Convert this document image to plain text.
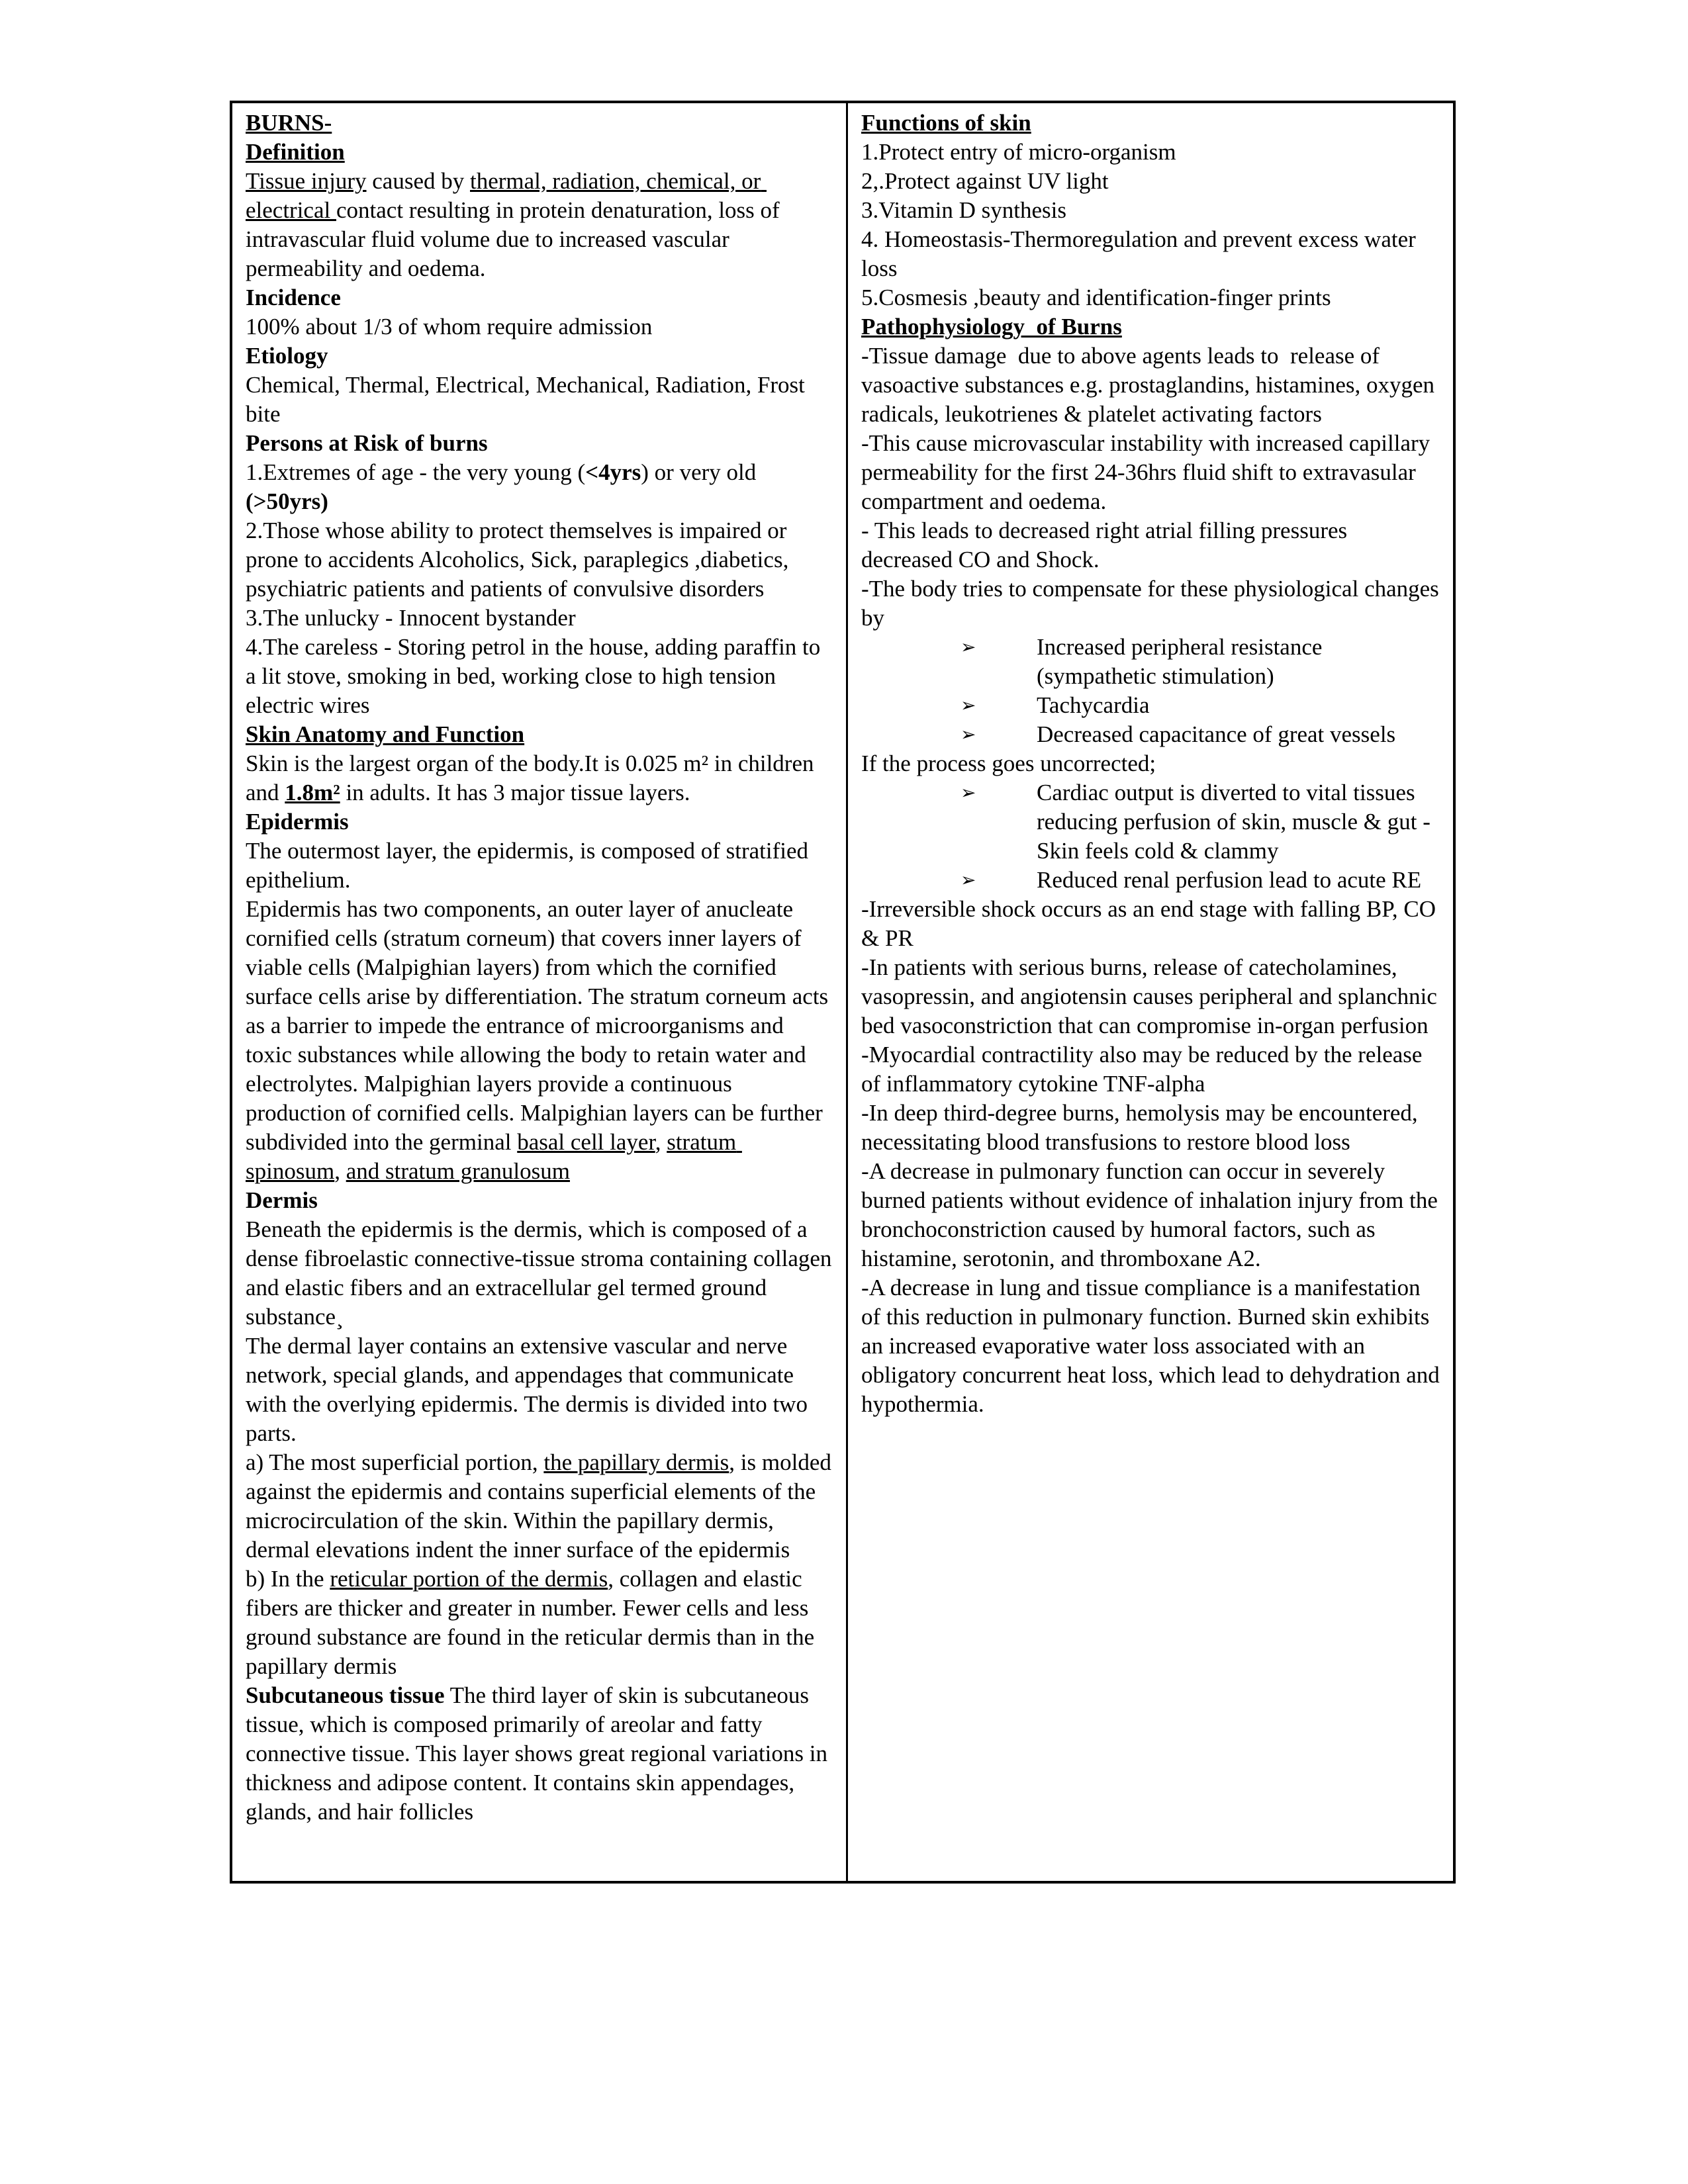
BURNS-
Definition
Tissue injury caused by thermal, radiation, chemical, or electrical contact resulting in protein denaturation, loss of intravascular fluid volume due to increased vascular permeability and oedema.
Incidence
100% about 1/3 of whom require admission
Etiology
Chemical, Thermal, Electrical, Mechanical, Radiation, Frost bite
Persons at Risk of burns
1.Extremes of age - the very young (<4yrs) or very old (>50yrs)
2.Those whose ability to protect themselves is impaired or prone to accidents Alcoholics, Sick, paraplegics ,diabetics, psychiatric patients and patients of convulsive disorders
3.The unlucky - Innocent bystander
4.The careless - Storing petrol in the house, adding paraffin to a lit stove, smoking in bed, working close to high tension electric wires
Skin Anatomy and Function
Skin is the largest organ of the body.It is 0.025 m² in children and 1.8m² in adults. It has 3 major tissue layers.
Epidermis
The outermost layer, the epidermis, is composed of stratified epithelium.
Epidermis has two components, an outer layer of anucleate cornified cells (stratum corneum) that covers inner layers of viable cells (Malpighian layers) from which the cornified surface cells arise by differentiation. The stratum corneum acts as a barrier to impede the entrance of microorganisms and toxic substances while allowing the body to retain water and electrolytes. Malpighian layers provide a continuous production of cornified cells. Malpighian layers can be further subdivided into the germinal basal cell layer, stratum spinosum, and stratum granulosum
Dermis
Beneath the epidermis is the dermis, which is composed of a dense fibroelastic connective-tissue stroma containing collagen and elastic fibers and an extracellular gel termed ground substance¸
The dermal layer contains an extensive vascular and nerve network, special glands, and appendages that communicate with the overlying epidermis. The dermis is divided into two parts.
a) The most superficial portion, the papillary dermis, is molded against the epidermis and contains superficial elements of the microcirculation of the skin. Within the papillary dermis, dermal elevations indent the inner surface of the epidermis
b) In the reticular portion of the dermis, collagen and elastic fibers are thicker and greater in number. Fewer cells and less ground substance are found in the reticular dermis than in the papillary dermis
Subcutaneous tissue The third layer of skin is subcutaneous tissue, which is composed primarily of areolar and fatty connective tissue. This layer shows great regional variations in thickness and adipose content. It contains skin appendages, glands, and hair follicles
Functions of skin
1.Protect entry of micro-organism
2,.Protect against UV light
3.Vitamin D synthesis
4. Homeostasis-Thermoregulation and prevent excess water loss
5.Cosmesis ,beauty and identification-finger prints
Pathophysiology  of Burns
-Tissue damage  due to above agents leads to  release of vasoactive substances e.g. prostaglandins, histamines, oxygen radicals, leukotrienes & platelet activating factors
-This cause microvascular instability with increased capillary permeability for the first 24-36hrs fluid shift to extravasular compartment and oedema.
- This leads to decreased right atrial filling pressures decreased CO and Shock.
-The body tries to compensate for these physiological changes by
➢	Increased peripheral resistance (sympathetic stimulation)
➢	Tachycardia
➢	Decreased capacitance of great vessels
If the process goes uncorrected;
➢	Cardiac output is diverted to vital tissues reducing perfusion of skin, muscle & gut - Skin feels cold & clammy
➢	Reduced renal perfusion lead to acute RE
-Irreversible shock occurs as an end stage with falling BP, CO & PR
-In patients with serious burns, release of catecholamines, vasopressin, and angiotensin causes peripheral and splanchnic bed vasoconstriction that can compromise in-organ perfusion
-Myocardial contractility also may be reduced by the release of inflammatory cytokine TNF-alpha
-In deep third-degree burns, hemolysis may be encountered, necessitating blood transfusions to restore blood loss
-A decrease in pulmonary function can occur in severely burned patients without evidence of inhalation injury from the bronchoconstriction caused by humoral factors, such as histamine, serotonin, and thromboxane A2.
-A decrease in lung and tissue compliance is a manifestation of this reduction in pulmonary function. Burned skin exhibits an increased evaporative water loss associated with an obligatory concurrent heat loss, which lead to dehydration and  hypothermia.
